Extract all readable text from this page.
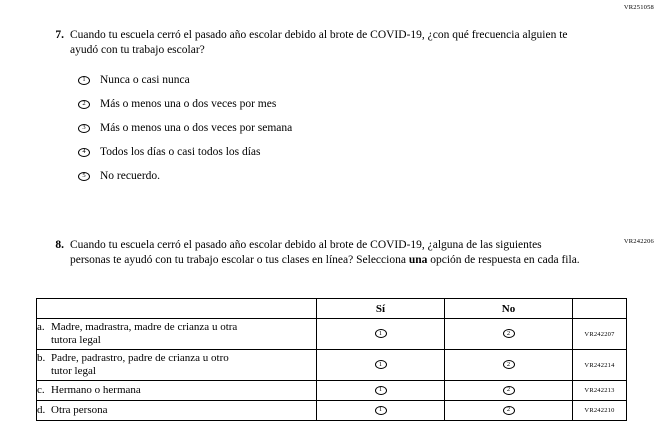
VR251058
7. Cuando tu escuela cerró el pasado año escolar debido al brote de COVID-19, ¿con qué frecuencia alguien te ayudó con tu trabajo escolar?
1 Nunca o casi nunca
2 Más o menos una o dos veces por mes
3 Más o menos una o dos veces por semana
4 Todos los días o casi todos los días
5 No recuerdo.
8. Cuando tu escuela cerró el pasado año escolar debido al brote de COVID-19, ¿alguna de las siguientes personas te ayudó con tu trabajo escolar o tus clases en línea? Selecciona una opción de respuesta en cada fila.
VR242206
	Sí	No	
a. Madre, madrastra, madre de crianza u otra
tutora legal	1	2	VR242207
b. Padre, padrastro, padre de crianza u otro
tutor legal	1	2	VR242214
c. Hermano o hermana	1	2	VR242213
d. Otra persona	1	2	VR242210
